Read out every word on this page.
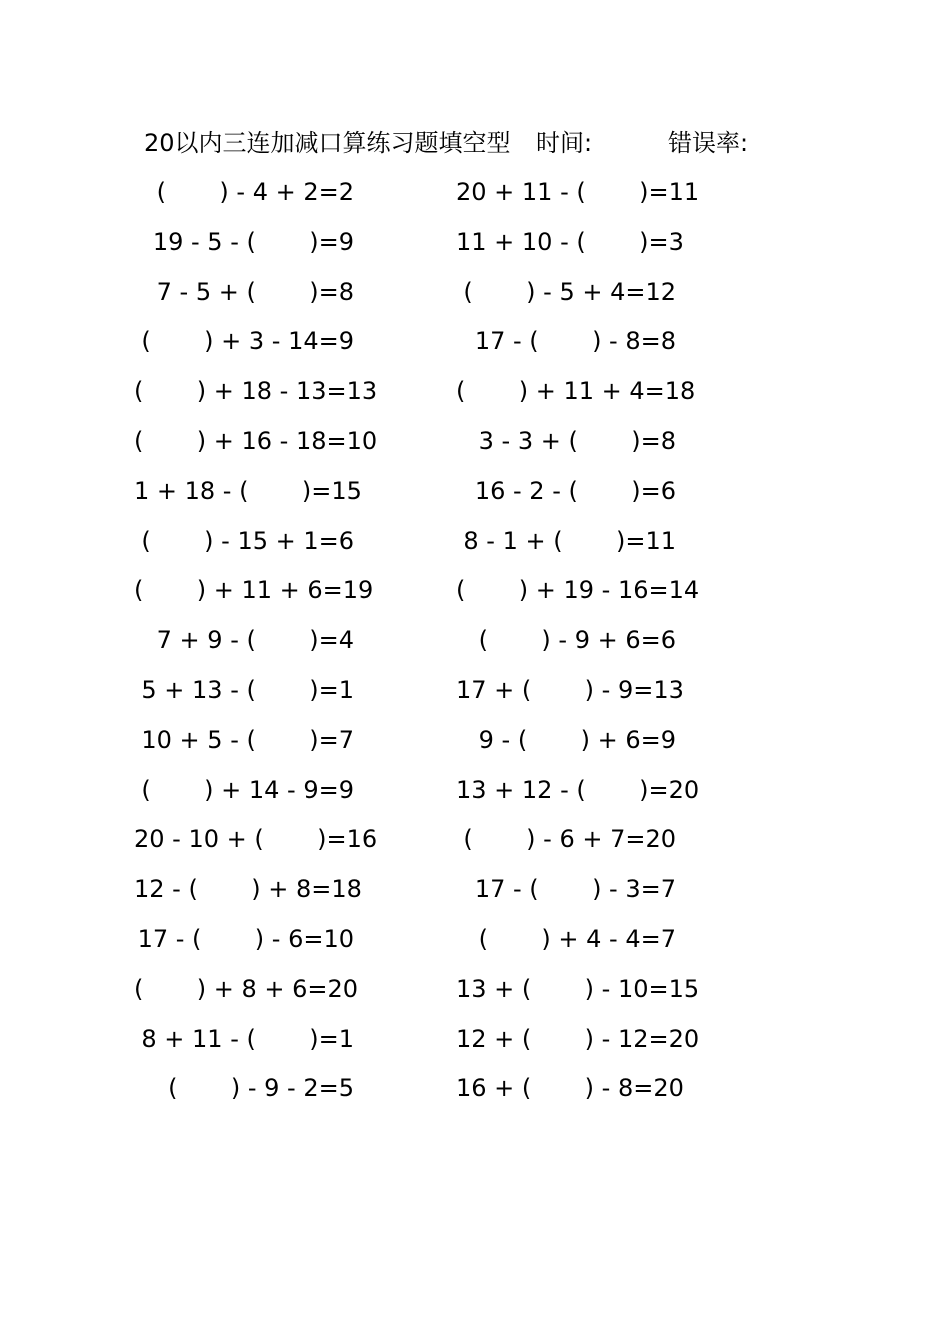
20以内三连加减口算练习题填空型 时间:	错误率:
(       ) - 4 + 2=2	20 + 11 - (       )=11
19 - 5 - (       )=9	11 + 10 - (       )=3
7 - 5 + (       )=8	(       ) - 5 + 4=12
(       ) + 3 - 14=9	17 - (       ) - 8=8
(       ) + 18 - 13=13	(       ) + 11 + 4=18
(       ) + 16 - 18=10	3 - 3 + (       )=8
1 + 18 - (       )=15	16 - 2 - (       )=6
(       ) - 15 + 1=6	8 - 1 + (       )=11
(       ) + 11 + 6=19	(       ) + 19 - 16=14
7 + 9 - (       )=4	(       ) - 9 + 6=6
5 + 13 - (       )=1	17 + (       ) - 9=13
10 + 5 - (       )=7	9 - (       ) + 6=9
(       ) + 14 - 9=9	13 + 12 - (       )=20
20 - 10 + (       )=16	(       ) - 6 + 7=20
12 - (       ) + 8=18	17 - (       ) - 3=7
17 - (       ) - 6=10	(       ) + 4 - 4=7
(       ) + 8 + 6=20	13 + (       ) - 10=15
8 + 11 - (       )=1	12 + (       ) - 12=20
(       ) - 9 - 2=5	16 + (       ) - 8=20
